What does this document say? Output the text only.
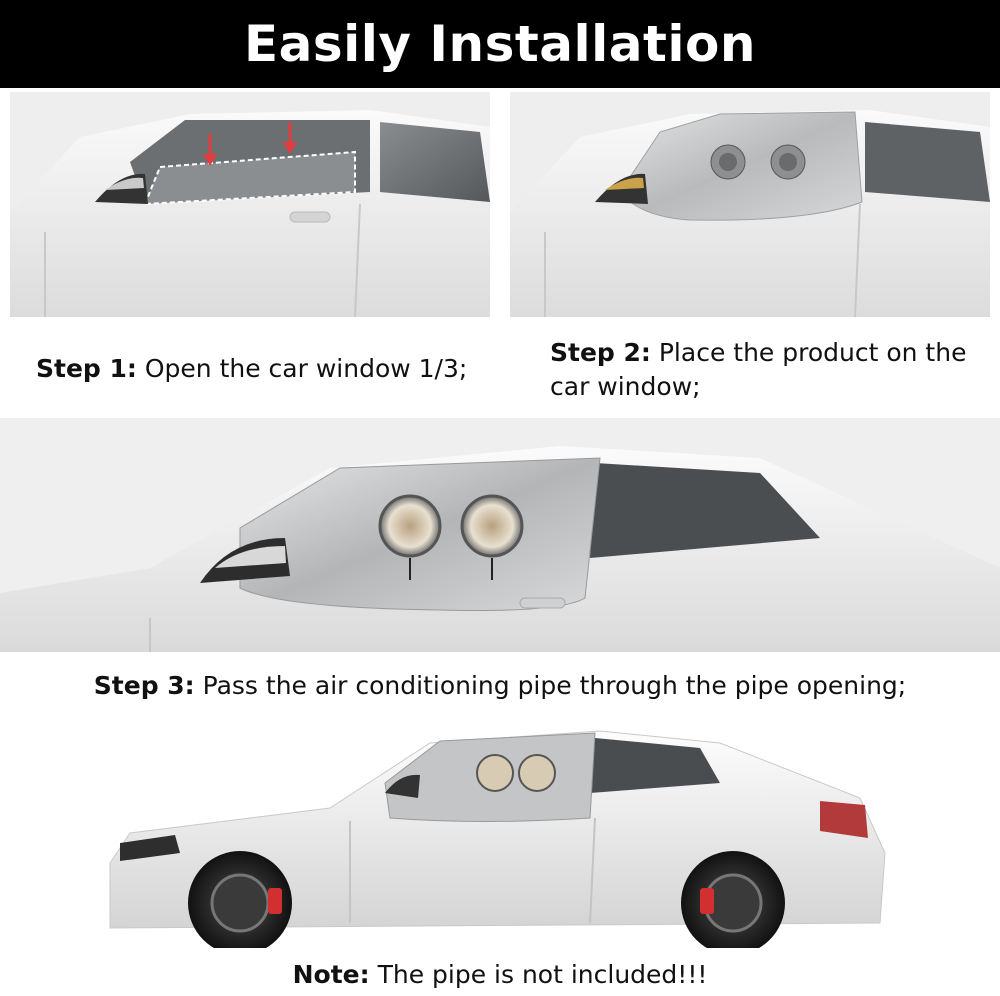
Easily Installation

Step 1: Open the car window 1/3;

Step 2: Place the product on the car window;

Step 3: Pass the air conditioning pipe through the pipe opening;

Note: The pipe is not included!!!
